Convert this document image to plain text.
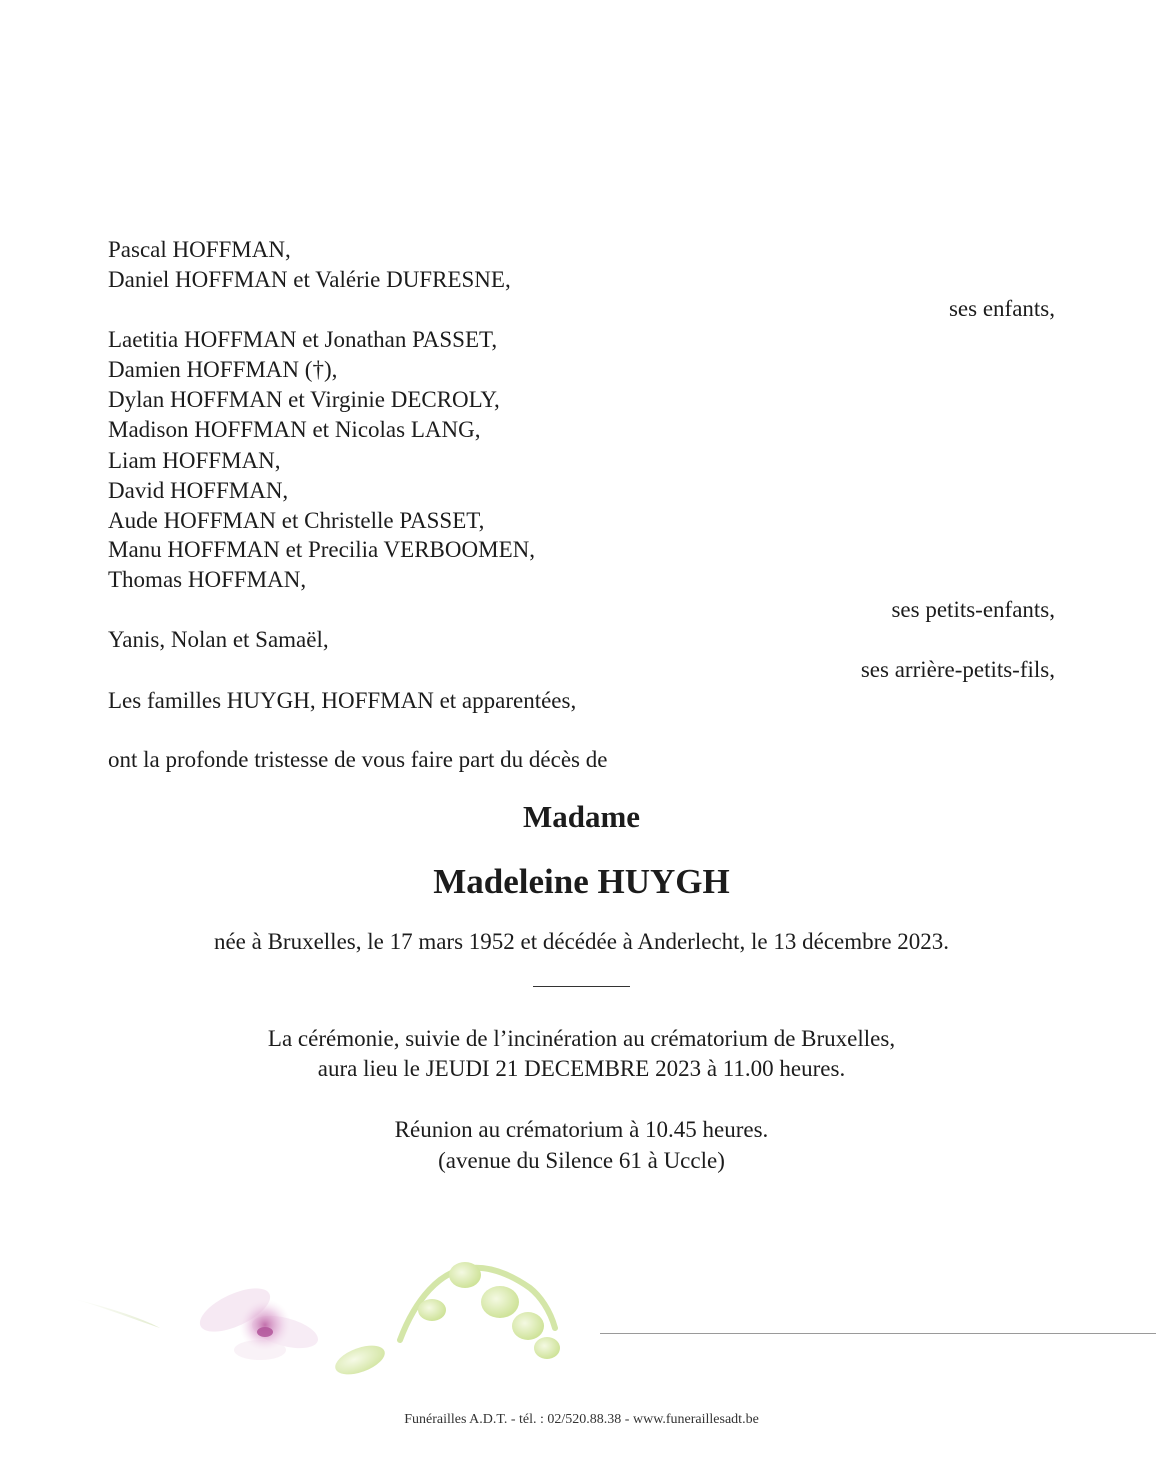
Pascal HOFFMAN,

Daniel HOFFMAN et Valérie DUFRESNE,

ses enfants,

Laetitia HOFFMAN et Jonathan PASSET,

Damien HOFFMAN (†),

Dylan HOFFMAN et Virginie DECROLY,

Madison HOFFMAN et Nicolas LANG,

Liam HOFFMAN,

David HOFFMAN,

Aude HOFFMAN et Christelle PASSET,

Manu HOFFMAN et Precilia VERBOOMEN,

Thomas HOFFMAN,

ses petits-enfants,

Yanis, Nolan et Samaël,

ses arrière-petits-fils,

Les familles HUYGH, HOFFMAN et apparentées,

ont la profonde tristesse de vous faire part du décès de

Madame

Madeleine HUYGH

née à Bruxelles, le 17 mars 1952 et décédée à Anderlecht, le 13 décembre 2023.

La cérémonie, suivie de l’incinération au crématorium de Bruxelles,

aura lieu le JEUDI 21 DECEMBRE 2023 à 11.00 heures.

Réunion au crématorium à 10.45 heures.

(avenue du Silence 61 à Uccle)

Funérailles A.D.T. - tél. : 02/520.88.38 - www.funeraillesadt.be
